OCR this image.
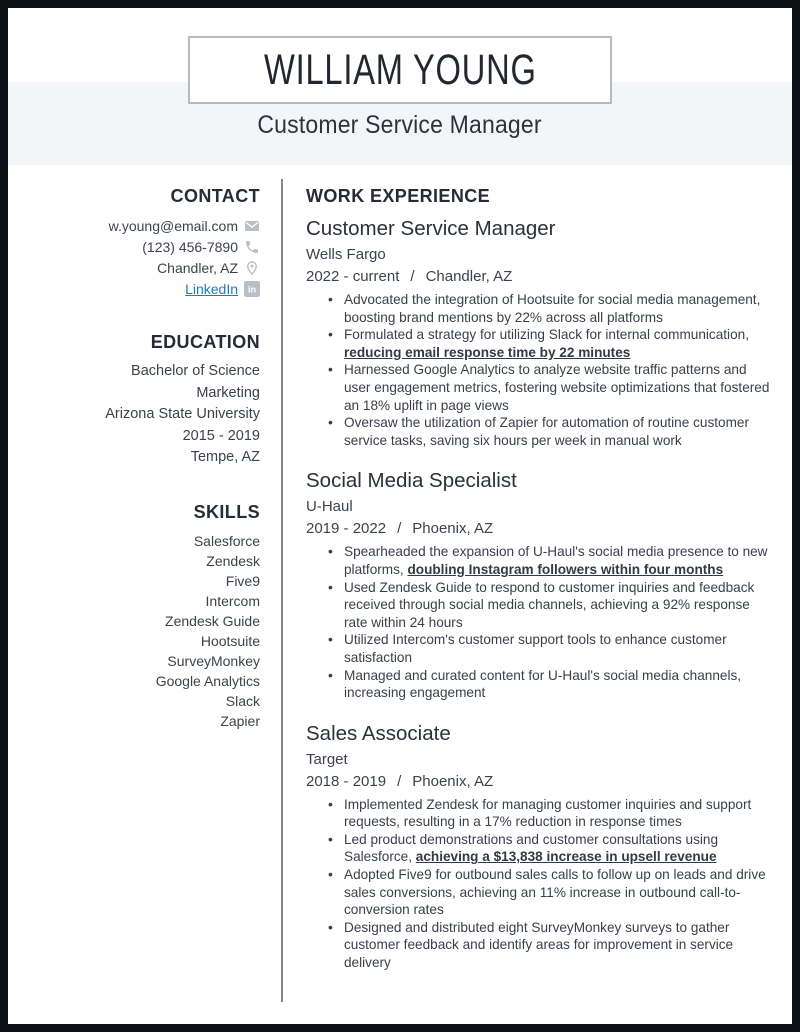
Customer Service Manager
WILLIAM YOUNG
CONTACT
w.young@email.com
(123) 456-7890
Chandler, AZ
LinkedIn in
EDUCATION
Bachelor of Science
Marketing
Arizona State University
2015 - 2019
Tempe, AZ
SKILLS
Salesforce
Zendesk
Five9
Intercom
Zendesk Guide
Hootsuite
SurveyMonkey
Google Analytics
Slack
Zapier
WORK EXPERIENCE
Customer Service Manager
Wells Fargo
2022 - current / Chandler, AZ
• Advocated the integration of Hootsuite for social media management, boosting brand mentions by 22% across all platforms
• Formulated a strategy for utilizing Slack for internal communication, reducing email response time by 22 minutes
• Harnessed Google Analytics to analyze website traffic patterns and user engagement metrics, fostering website optimizations that fostered an 18% uplift in page views
• Oversaw the utilization of Zapier for automation of routine customer service tasks, saving six hours per week in manual work
Social Media Specialist
U-Haul
2019 - 2022 / Phoenix, AZ
• Spearheaded the expansion of U-Haul's social media presence to new platforms, doubling Instagram followers within four months
• Used Zendesk Guide to respond to customer inquiries and feedback received through social media channels, achieving a 92% response rate within 24 hours
• Utilized Intercom's customer support tools to enhance customer satisfaction
• Managed and curated content for U-Haul's social media channels, increasing engagement
Sales Associate
Target
2018 - 2019 / Phoenix, AZ
• Implemented Zendesk for managing customer inquiries and support requests, resulting in a 17% reduction in response times
• Led product demonstrations and customer consultations using Salesforce, achieving a $13,838 increase in upsell revenue
• Adopted Five9 for outbound sales calls to follow up on leads and drive sales conversions, achieving an 11% increase in outbound call-to-conversion rates
• Designed and distributed eight SurveyMonkey surveys to gather customer feedback and identify areas for improvement in service delivery
